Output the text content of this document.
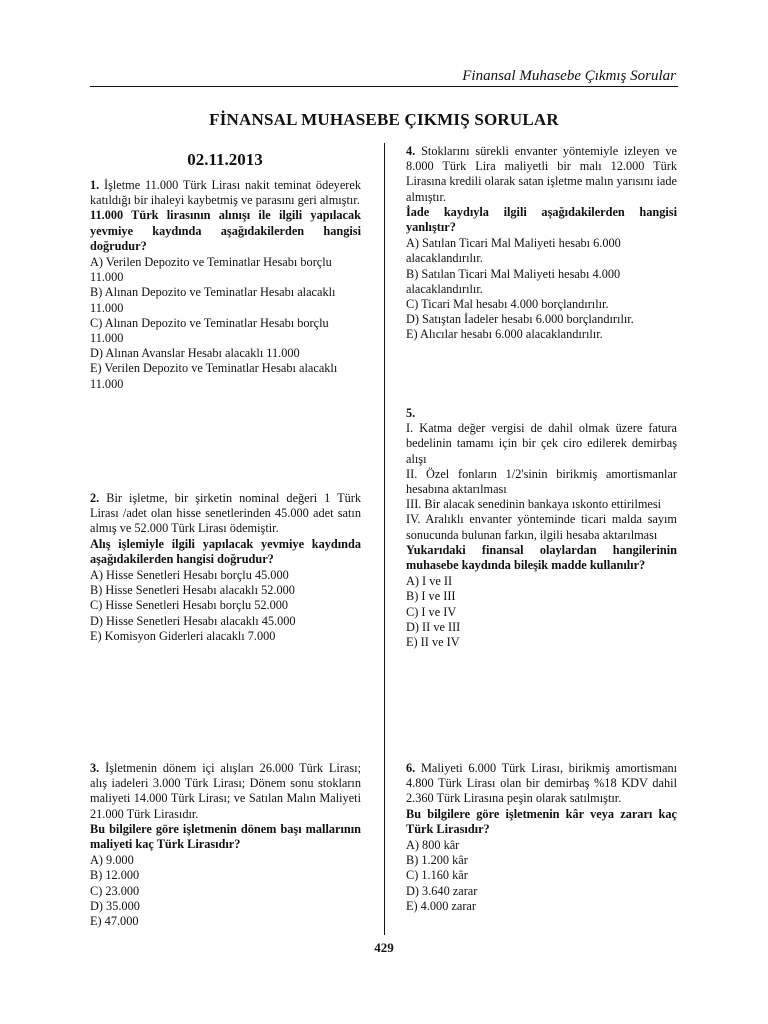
Finansal Muhasebe Çıkmış Sorular
FİNANSAL MUHASEBE ÇIKMIŞ SORULAR
02.11.2013

1. İşletme 11.000 Türk Lirası nakit teminat ödeyerek katıldığı bir ihaleyi kaybetmiş ve parasını geri almıştır.

11.000 Türk lirasının alınışı ile ilgili yapılacak yevmiye kaydında aşağıdakilerden hangisi doğrudur?

A) Verilen Depozito ve Teminatlar Hesabı borçlu 11.000
B) Alınan Depozito ve Teminatlar Hesabı alacaklı 11.000
C) Alınan Depozito ve Teminatlar Hesabı borçlu 11.000
D) Alınan Avanslar Hesabı alacaklı 11.000
E) Verilen Depozito ve Teminatlar Hesabı alacaklı 11.000

2. Bir işletme, bir şirketin nominal değeri 1 Türk Lirası /adet olan hisse senetlerinden 45.000 adet satın almış ve 52.000 Türk Lirası ödemiştir.

Alış işlemiyle ilgili yapılacak yevmiye kaydında aşağıdakilerden hangisi doğrudur?

A) Hisse Senetleri Hesabı borçlu 45.000
B) Hisse Senetleri Hesabı alacaklı 52.000
C) Hisse Senetleri Hesabı borçlu 52.000
D) Hisse Senetleri Hesabı alacaklı 45.000
E) Komisyon Giderleri alacaklı 7.000

3. İşletmenin dönem içi alışları 26.000 Türk Lirası; alış iadeleri 3.000 Türk Lirası; Dönem sonu stokların maliyeti 14.000 Türk Lirası; ve Satılan Malın Maliyeti 21.000 Türk Lirasıdır.

Bu bilgilere göre işletmenin dönem başı mallarının maliyeti kaç Türk Lirasıdır?

A) 9.000
B) 12.000
C) 23.000
D) 35.000
E) 47.000

4. Stoklarını sürekli envanter yöntemiyle izleyen ve 8.000 Türk Lira maliyetli bir malı 12.000 Türk Lirasına kredili olarak satan işletme malın yarısını iade almıştır.

İade kaydıyla ilgili aşağıdakilerden hangisi yanlıştır?

A) Satılan Ticari Mal Maliyeti hesabı 6.000 alacaklandırılır.
B) Satılan Ticari Mal Maliyeti hesabı 4.000 alacaklandırılır.
C) Ticari Mal hesabı 4.000 borçlandırılır.
D) Satıştan İadeler hesabı 6.000 borçlandırılır.
E) Alıcılar hesabı 6.000 alacaklandırılır.

5.

I. Katma değer vergisi de dahil olmak üzere fatura bedelinin tamamı için bir çek ciro edilerek demirbaş alışı

II. Özel fonların 1/2'sinin birikmiş amortismanlar hesabına aktarılması

III. Bir alacak senedinin bankaya ıskonto ettirilmesi

IV. Aralıklı envanter yönteminde ticari malda sayım sonucunda bulunan farkın, ilgili hesaba aktarılması

Yukarıdaki finansal olaylardan hangilerinin muhasebe kaydında bileşik madde kullanılır?

A) I ve II
B) I ve III
C) I ve IV
D) II ve III
E) II ve IV

6. Maliyeti 6.000 Türk Lirası, birikmiş amortismanı 4.800 Türk Lirası olan bir demirbaş %18 KDV dahil 2.360 Türk Lirasına peşin olarak satılmıştır.

Bu bilgilere göre işletmenin kâr veya zararı kaç Türk Lirasıdır?

A) 800 kâr
B) 1.200 kâr
C) 1.160 kâr
D) 3.640 zarar
E) 4.000 zarar
429
